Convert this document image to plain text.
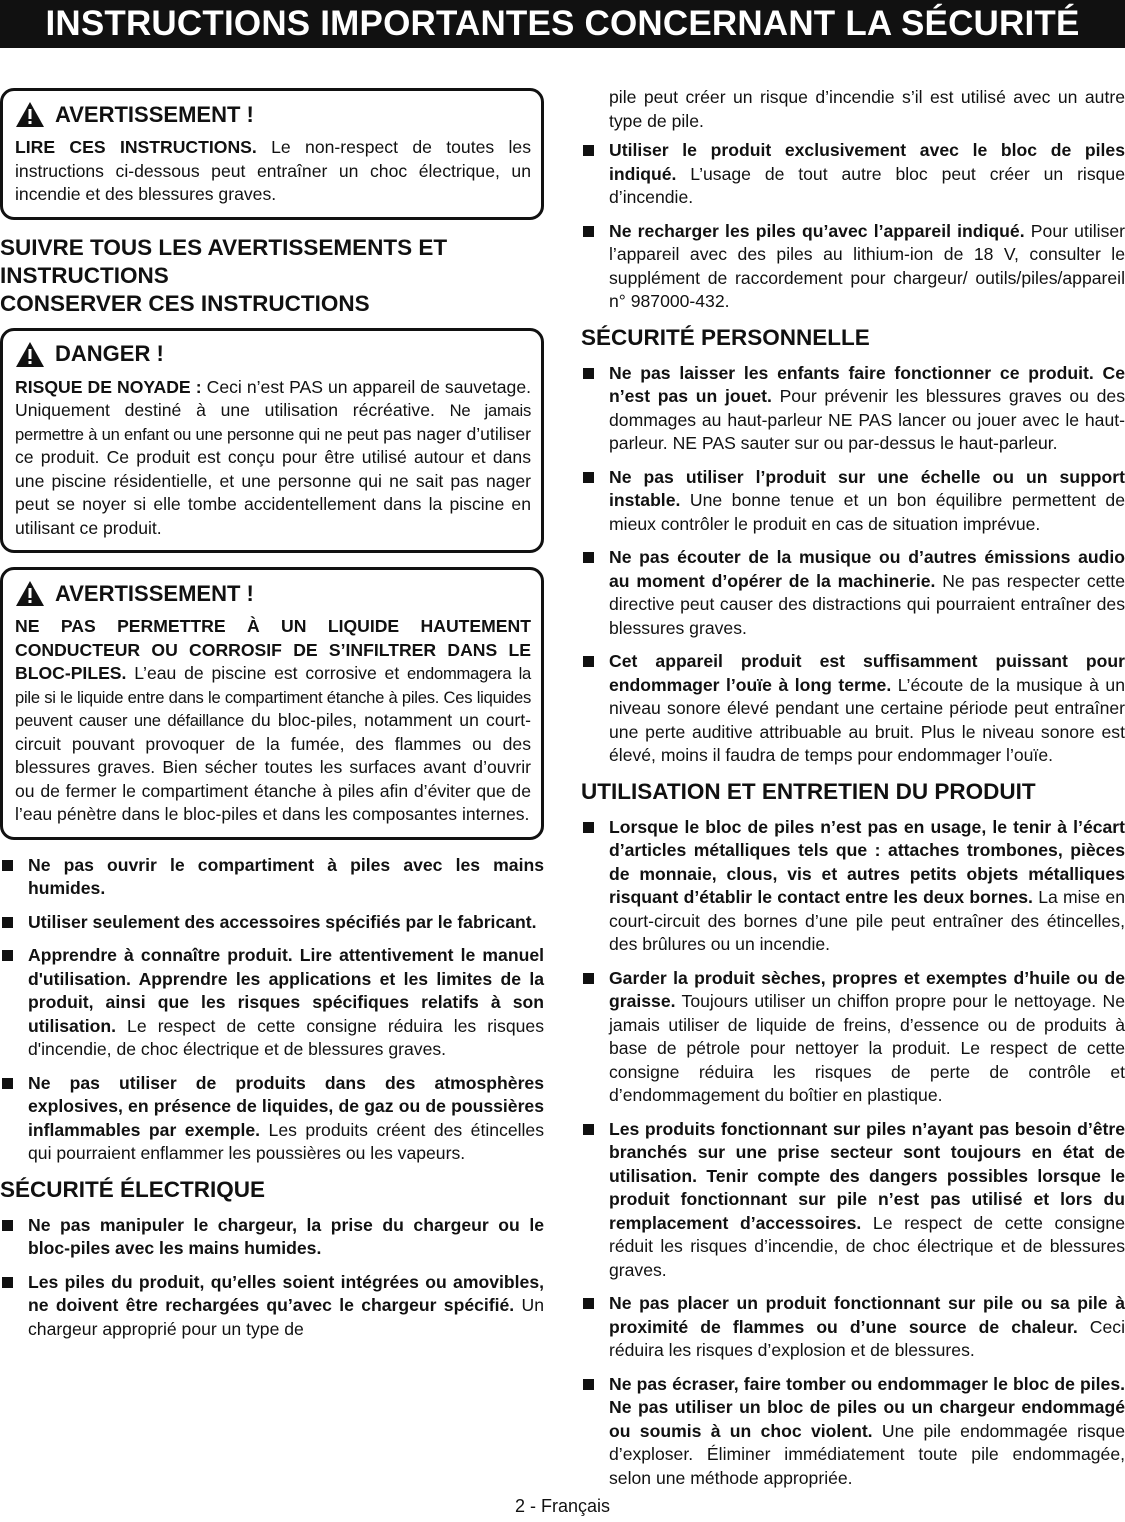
INSTRUCTIONS IMPORTANTES CONCERNANT LA SÉCURITÉ
AVERTISSEMENT !

LIRE CES INSTRUCTIONS. Le non-respect de toutes les instructions ci-dessous peut entraîner un choc électrique, un incendie et des blessures graves.

SUIVRE TOUS LES AVERTISSEMENTS ET
INSTRUCTIONS
CONSERVER CES INSTRUCTIONS
DANGER !

RISQUE DE NOYADE : Ceci n’est PAS un appareil de sauvetage. Uniquement destiné à une utilisation récréative. Ne jamais permettre à un enfant ou une personne qui ne peut pas nager d’utiliser ce produit. Ce produit est conçu pour être utilisé autour et dans une piscine résidentielle, et une personne qui ne sait pas nager peut se noyer si elle tombe accidentellement dans la piscine en utilisant ce produit.

AVERTISSEMENT !

NE PAS PERMETTRE À UN LIQUIDE HAUTEMENT CONDUCTEUR OU CORROSIF DE S’INFILTRER DANS LE BLOC-PILES. L’eau de piscine est corrosive et endommagera la pile si le liquide entre dans le compartiment étanche à piles. Ces liquides peuvent causer une défaillance du bloc-piles, notamment un court-circuit pouvant provoquer de la fumée, des flammes ou des blessures graves. Bien sécher toutes les surfaces avant d’ouvrir ou de fermer le compartiment étanche à piles afin d’éviter que de l’eau pénètre dans le bloc-piles et dans les composantes internes.

Ne pas ouvrir le compartiment à piles avec les mains humides.
Utiliser seulement des accessoires spécifiés par le fabricant.
Apprendre à connaître produit. Lire attentivement le manuel d'utilisation. Apprendre les applications et les limites de la produit, ainsi que les risques spécifiques relatifs à son utilisation. Le respect de cette consigne réduira les risques d'incendie, de choc électrique et de blessures graves.
Ne pas utiliser de produits dans des atmosphères explosives, en présence de liquides, de gaz ou de poussières inflammables par exemple. Les produits créent des étincelles qui pourraient enflammer les poussières ou les vapeurs.
SÉCURITÉ ÉLECTRIQUE
Ne pas manipuler le chargeur, la prise du chargeur ou le bloc-piles avec les mains humides.
Les piles du produit, qu’elles soient intégrées ou amovibles, ne doivent être rechargées qu’avec le chargeur spécifié. Un chargeur approprié pour un type de
pile peut créer un risque d’incendie s’il est utilisé avec un autre type de pile.
Utiliser le produit exclusivement avec le bloc de piles indiqué. L’usage de tout autre bloc peut créer un risque d’incendie.
Ne recharger les piles qu’avec l’appareil indiqué. Pour utiliser l’appareil avec des piles au lithium-ion de 18 V, consulter le supplément de raccordement pour chargeur/ outils/piles/appareil n° 987000-432.
SÉCURITÉ PERSONNELLE
Ne pas laisser les enfants faire fonctionner ce produit. Ce n’est pas un jouet. Pour prévenir les blessures graves ou des dommages au haut-parleur NE PAS lancer ou jouer avec le haut-parleur. NE PAS sauter sur ou par-dessus le haut-parleur.
Ne pas utiliser l’produit sur une échelle ou un support instable. Une bonne tenue et un bon équilibre permettent de mieux contrôler le produit en cas de situation imprévue.
Ne pas écouter de la musique ou d’autres émissions audio au moment d’opérer de la machinerie. Ne pas respecter cette directive peut causer des distractions qui pourraient entraîner des blessures graves.
Cet appareil produit est suffisamment puissant pour endommager l’ouïe à long terme. L’écoute de la musique à un niveau sonore élevé pendant une certaine période peut entraîner une perte auditive attribuable au bruit. Plus le niveau sonore est élevé, moins il faudra de temps pour endommager l’ouïe.
UTILISATION ET ENTRETIEN DU PRODUIT
Lorsque le bloc de piles n’est pas en usage, le tenir à l’écart d’articles métalliques tels que : attaches trombones, pièces de monnaie, clous, vis et autres petits objets métalliques risquant d’établir le contact entre les deux bornes. La mise en court-circuit des bornes d’une pile peut entraîner des étincelles, des brûlures ou un incendie.
Garder la produit sèches, propres et exemptes d’huile ou de graisse. Toujours utiliser un chiffon propre pour le nettoyage. Ne jamais utiliser de liquide de freins, d’essence ou de produits à base de pétrole pour nettoyer la produit. Le respect de cette consigne réduira les risques de perte de contrôle et d’endommagement du boîtier en plastique.
Les produits fonctionnant sur piles n’ayant pas besoin d’être branchés sur une prise secteur sont toujours en état de utilisation. Tenir compte des dangers possibles lorsque le produit fonctionnant sur pile n’est pas utilisé et lors du remplacement d’accessoires. Le respect de cette consigne réduit les risques d’incendie, de choc électrique et de blessures graves.
Ne pas placer un produit fonctionnant sur pile ou sa pile à proximité de flammes ou d’une source de chaleur. Ceci réduira les risques d’explosion et de blessures.
Ne pas écraser, faire tomber ou endommager le bloc de piles. Ne pas utiliser un bloc de piles ou un chargeur endommagé ou soumis à un choc violent. Une pile endommagée risque d’exploser. Éliminer immédiatement toute pile endommagée, selon une méthode appropriée.
2 - Français
